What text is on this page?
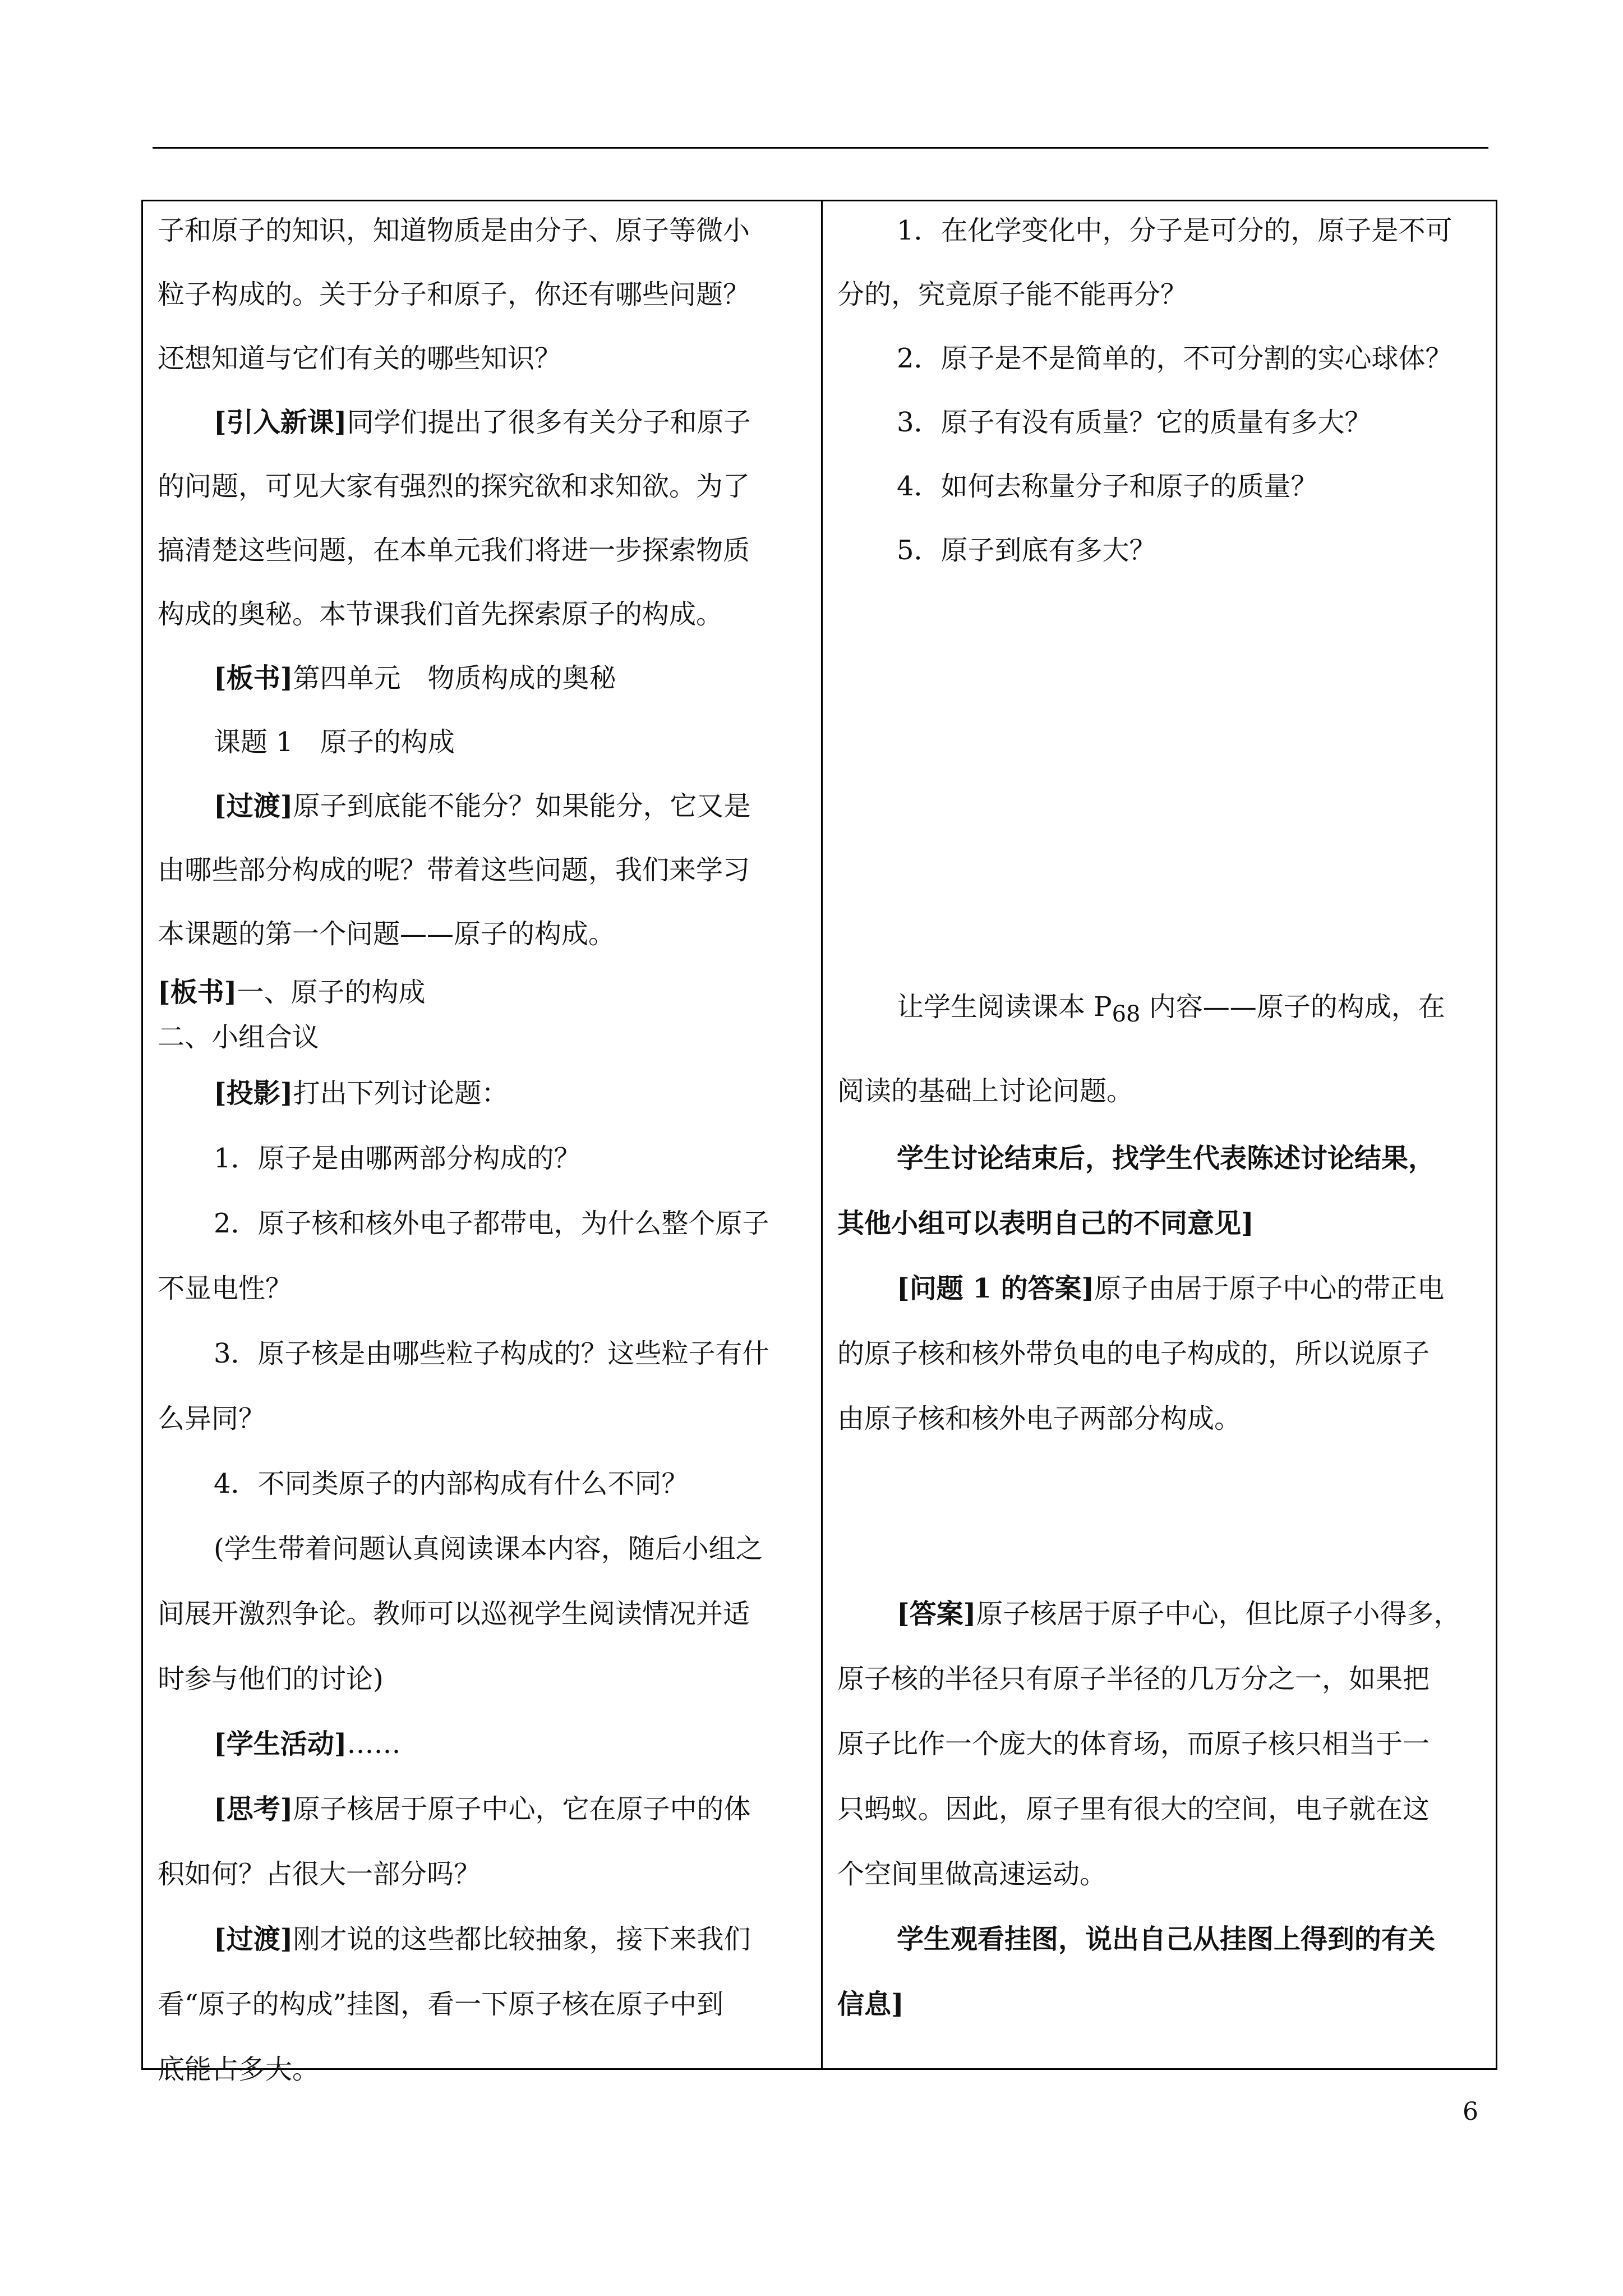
子和原子的知识，知道物质是由分子、原子等微小
粒子构成的。关于分子和原子，你还有哪些问题？
还想知道与它们有关的哪些知识？
[引入新课]同学们提出了很多有关分子和原子
的问题，可见大家有强烈的探究欲和求知欲。为了
搞清楚这些问题，在本单元我们将进一步探索物质
构成的奥秘。本节课我们首先探索原子的构成。
[板书]第四单元　物质构成的奥秘
课题 1　原子的构成
[过渡]原子到底能不能分？如果能分，它又是
由哪些部分构成的呢？带着这些问题，我们来学习
本课题的第一个问题——原子的构成。
[板书]一、原子的构成
二、小组合议
[投影]打出下列讨论题：
1．原子是由哪两部分构成的？
2．原子核和核外电子都带电，为什么整个原子
不显电性？
3．原子核是由哪些粒子构成的？这些粒子有什
么异同？
4．不同类原子的内部构成有什么不同？
(学生带着问题认真阅读课本内容，随后小组之
间展开激烈争论。教师可以巡视学生阅读情况并适
时参与他们的讨论)
[学生活动]……
[思考]原子核居于原子中心，它在原子中的体
积如何？占很大一部分吗？
[过渡]刚才说的这些都比较抽象，接下来我们
看“原子的构成”挂图，看一下原子核在原子中到
底能占多大。
1．在化学变化中，分子是可分的，原子是不可
分的，究竟原子能不能再分？
2．原子是不是简单的，不可分割的实心球体？
3．原子有没有质量？它的质量有多大？
4．如何去称量分子和原子的质量？
5．原子到底有多大？
让学生阅读课本 $P_{68}$ 内容——原子的构成，在
阅读的基础上讨论问题。
学生讨论结束后，找学生代表陈述讨论结果，
其他小组可以表明自己的不同意见]
[问题 1 的答案]原子由居于原子中心的带正电
的原子核和核外带负电的电子构成的，所以说原子
由原子核和核外电子两部分构成。
[答案]原子核居于原子中心，但比原子小得多，
原子核的半径只有原子半径的几万分之一，如果把
原子比作一个庞大的体育场，而原子核只相当于一
只蚂蚁。因此，原子里有很大的空间，电子就在这
个空间里做高速运动。
学生观看挂图，说出自己从挂图上得到的有关
信息]
6
